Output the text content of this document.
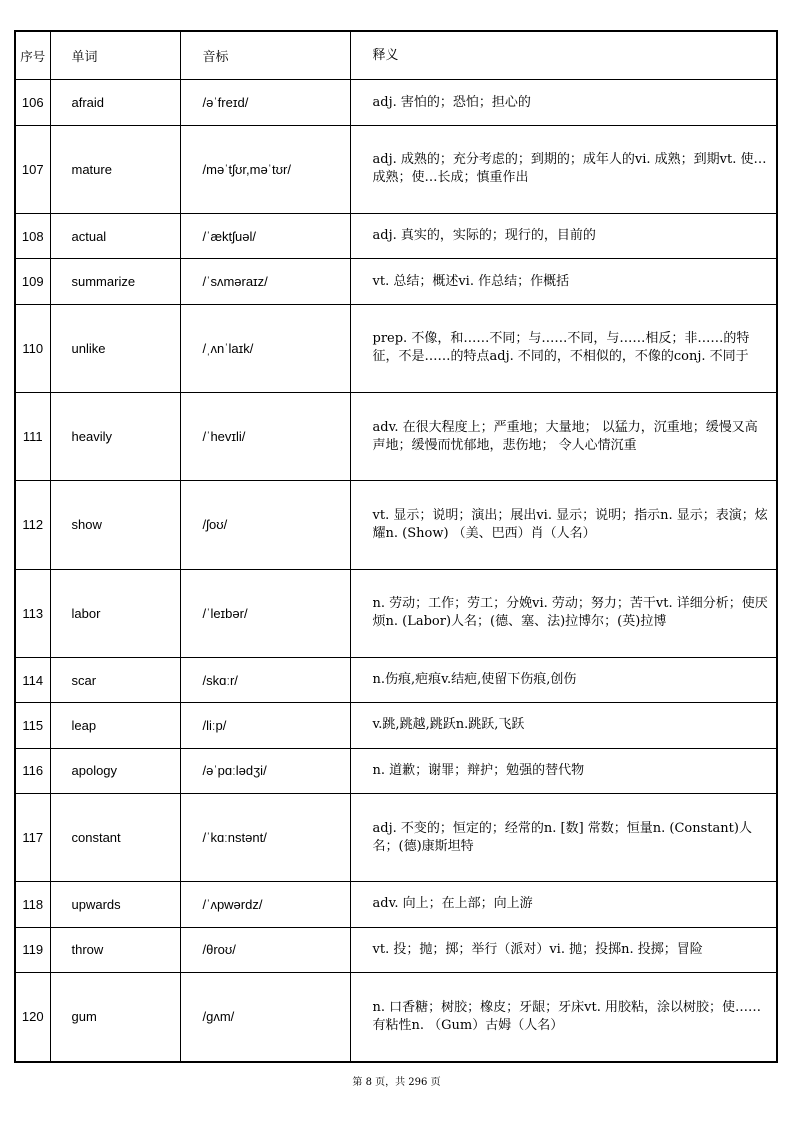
序号	单词	音标	释义
106	afraid	/əˈfreɪd/	adj. 害怕的；恐怕；担心的
107	mature	/məˈtʃʊr,məˈtʊr/	adj. 成熟的；充分考虑的；到期的；成年人的vi. 成熟；到期vt. 使…成熟；使…长成；慎重作出
108	actual	/ˈæktʃuəl/	adj. 真实的，实际的；现行的，目前的
109	summarize	/ˈsʌməraɪz/	vt. 总结；概述vi. 作总结；作概括
110	unlike	/ˌʌnˈlaɪk/	prep. 不像，和……不同；与……不同，与……相反；非……的特征，不是……的特点adj. 不同的，不相似的，不像的conj. 不同于
111	heavily	/ˈhevɪli/	adv. 在很大程度上；严重地；大量地； 以猛力，沉重地；缓慢又高声地；缓慢而忧郁地，悲伤地； 令人心情沉重
112	show	/ʃoʊ/	vt. 显示；说明；演出；展出vi. 显示；说明；指示n. 显示；表演；炫耀n. (Show) （美、巴西）肖（人名）
113	labor	/ˈleɪbər/	n. 劳动；工作；劳工；分娩vi. 劳动；努力；苦干vt. 详细分析；使厌烦n. (Labor)人名；(德、塞、法)拉博尔；(英)拉博
114	scar	/skɑːr/	n.伤痕,疤痕v.结疤,使留下伤痕,创伤
115	leap	/liːp/	v.跳,跳越,跳跃n.跳跃,飞跃
116	apology	/əˈpɑːlədʒi/	n. 道歉；谢罪；辩护；勉强的替代物
117	constant	/ˈkɑːnstənt/	adj. 不变的；恒定的；经常的n. [数] 常数；恒量n. (Constant)人名；(德)康斯坦特
118	upwards	/ˈʌpwərdz/	adv. 向上；在上部；向上游
119	throw	/θroʊ/	vt. 投；抛；掷；举行（派对）vi. 抛；投掷n. 投掷；冒险
120	gum	/ɡʌm/	n. 口香糖；树胶；橡皮；牙龈；牙床vt. 用胶粘，涂以树胶；使……有粘性n. （Gum）古姆（人名）
第 8 页，共 296 页
